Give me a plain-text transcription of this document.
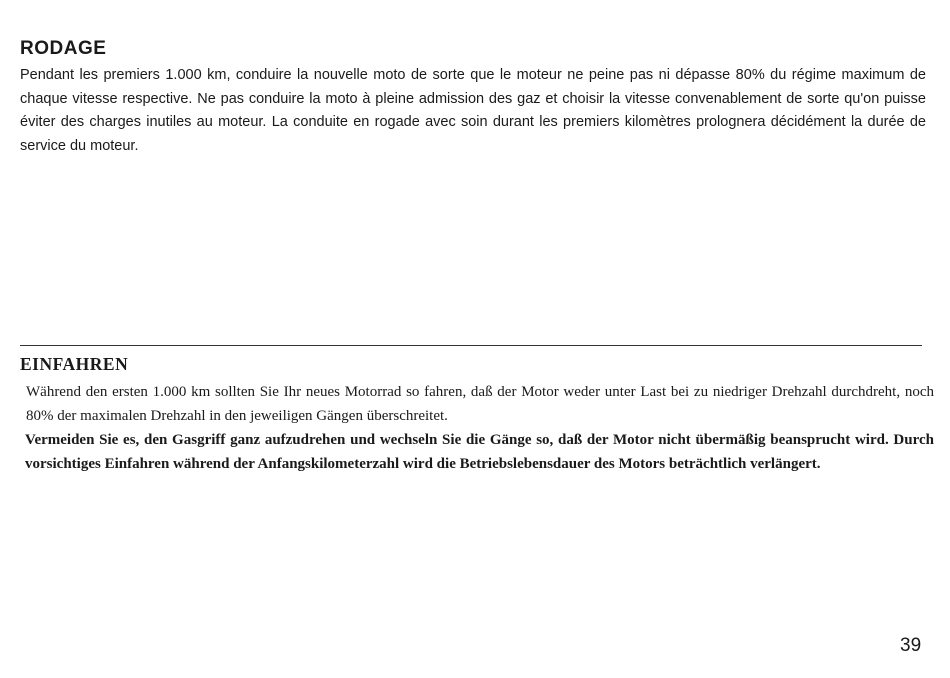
RODAGE

Pendant les premiers 1.000 km, conduire la nouvelle moto de sorte que le moteur ne peine pas ni dépasse 80% du régime maximum de chaque vitesse respective. Ne pas conduire la moto à pleine admission des gaz et choisir la vitesse convenablement de sorte qu'on puisse éviter des charges inutiles au moteur. La conduite en rogade avec soin durant les premiers kilomètres prolognera décidément la durée de service du moteur.

EINFAHREN

Während den ersten 1.000 km sollten Sie Ihr neues Motorrad so fahren, daß der Motor weder unter Last bei zu niedriger Drehzahl durchdreht, noch 80% der maximalen Drehzahl in den jeweiligen Gängen überschreitet.

Vermeiden Sie es, den Gasgriff ganz aufzudrehen und wechseln Sie die Gänge so, daß der Motor nicht übermäßig beansprucht wird. Durch vorsichtiges Einfahren während der Anfangskilometerzahl wird die Betriebslebensdauer des Motors beträchtlich verlängert.

39
